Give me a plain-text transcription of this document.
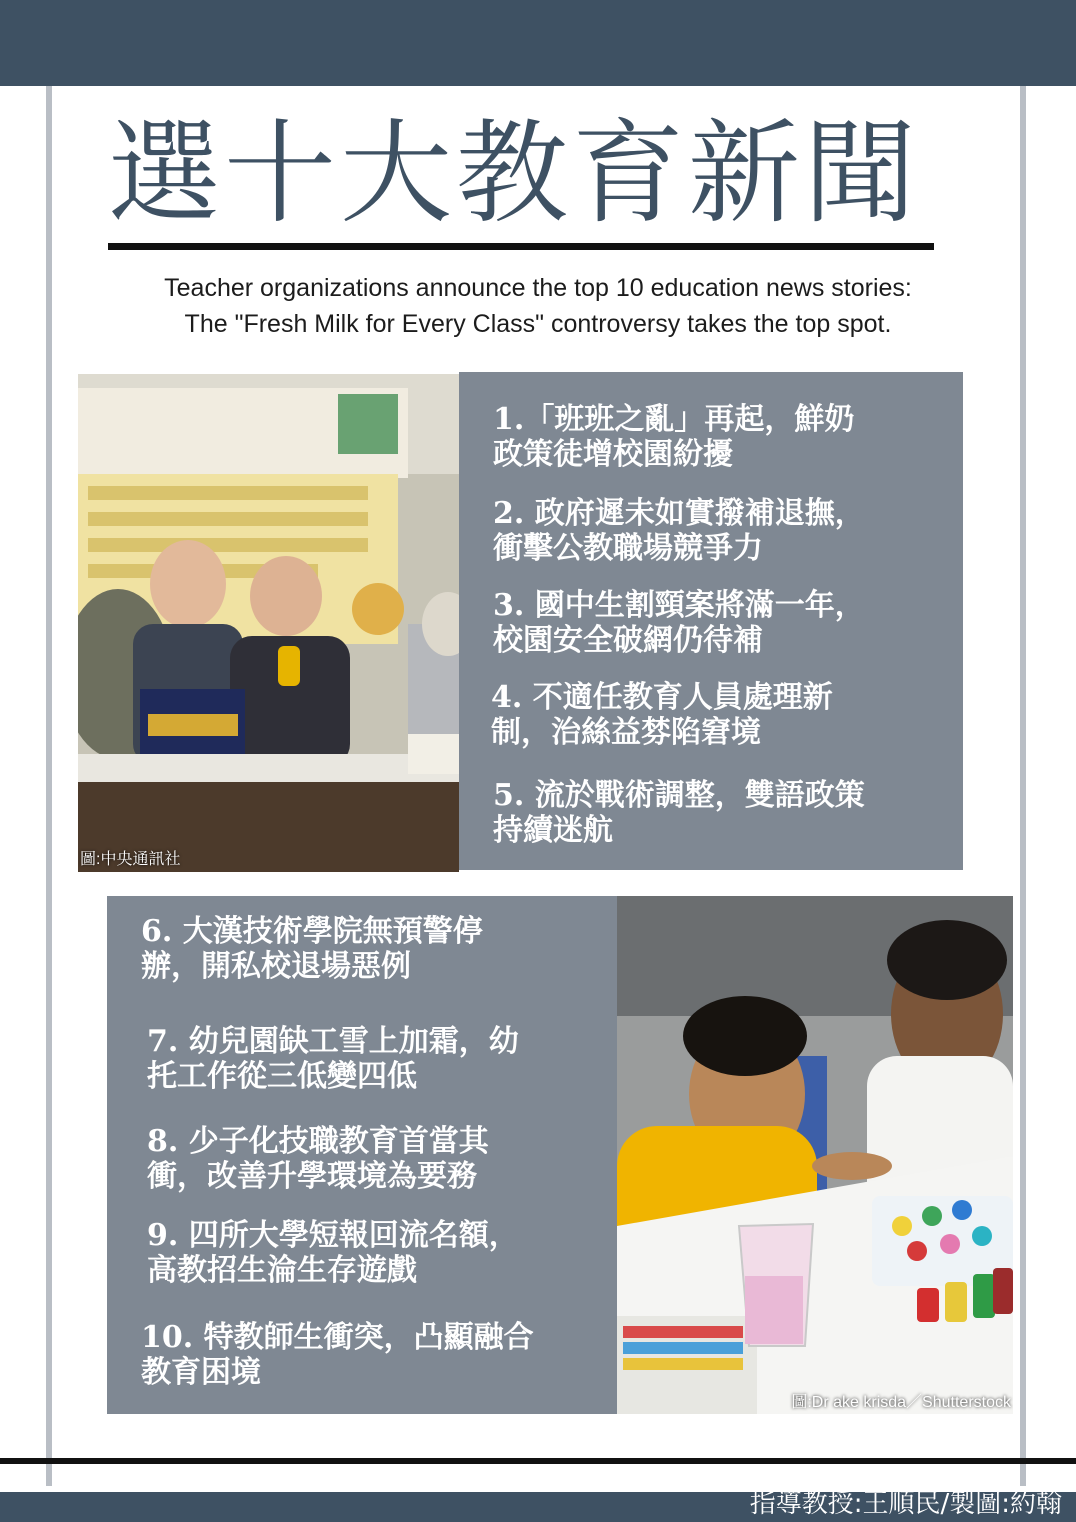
選十大教育新聞
Teacher organizations announce the top 10 education news stories:
The "Fresh Milk for Every Class" controversy takes the top spot.
圖:中央通訊社

1.「班班之亂」再起，鮮奶
政策徒增校園紛擾

2. 政府遲未如實撥補退撫，
衝擊公教職場競爭力

3. 國中生割頸案將滿一年，
校園安全破網仍待補

4. 不適任教育人員處理新
制，治絲益棼陷窘境

5. 流於戰術調整，雙語政策
持續迷航

6. 大漢技術學院無預警停
辦，開私校退場惡例

7. 幼兒園缺工雪上加霜，幼
托工作從三低變四低

8. 少子化技職教育首當其
衝，改善升學環境為要務

9. 四所大學短報回流名額，
高教招生淪生存遊戲

10. 特教師生衝突，凸顯融合
教育困境

圖:Dr ake krisda／Shutterstock
指導教授:王順民/製圖:約翰
